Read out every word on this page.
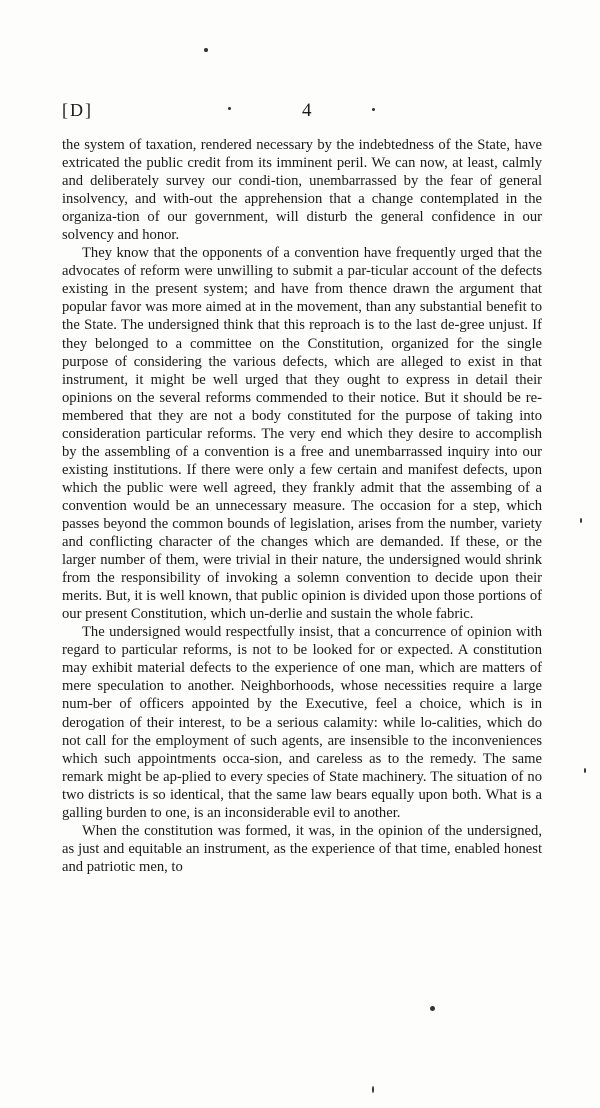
[D]	4

the system of taxation, rendered necessary by the indebtedness of the State, have extricated the public credit from its imminent peril. We can now, at least, calmly and deliberately survey our condi-tion, unembarrassed by the fear of general insolvency, and with-out the apprehension that a change contemplated in the organiza-tion of our government, will disturb the general confidence in our solvency and honor.

They know that the opponents of a convention have frequently urged that the advocates of reform were unwilling to submit a par-ticular account of the defects existing in the present system; and have from thence drawn the argument that popular favor was more aimed at in the movement, than any substantial benefit to the State. The undersigned think that this reproach is to the last de-gree unjust. If they belonged to a committee on the Constitution, organized for the single purpose of considering the various defects, which are alleged to exist in that instrument, it might be well urged that they ought to express in detail their opinions on the several reforms commended to their notice. But it should be re-membered that they are not a body constituted for the purpose of taking into consideration particular reforms. The very end which they desire to accomplish by the assembling of a convention is a free and unembarrassed inquiry into our existing institutions. If there were only a few certain and manifest defects, upon which the public were well agreed, they frankly admit that the assembing of a convention would be an unnecessary measure. The occasion for a step, which passes beyond the common bounds of legislation, arises from the number, variety and conflicting character of the changes which are demanded. If these, or the larger number of them, were trivial in their nature, the undersigned would shrink from the responsibility of invoking a solemn convention to decide upon their merits. But, it is well known, that public opinion is divided upon those portions of our present Constitution, which un-derlie and sustain the whole fabric.

The undersigned would respectfully insist, that a concurrence of opinion with regard to particular reforms, is not to be looked for or expected. A constitution may exhibit material defects to the experience of one man, which are matters of mere speculation to another. Neighborhoods, whose necessities require a large num-ber of officers appointed by the Executive, feel a choice, which is in derogation of their interest, to be a serious calamity: while lo-calities, which do not call for the employment of such agents, are insensible to the inconveniences which such appointments occa-sion, and careless as to the remedy. The same remark might be ap-plied to every species of State machinery. The situation of no two districts is so identical, that the same law bears equally upon both. What is a galling burden to one, is an inconsiderable evil to another.

When the constitution was formed, it was, in the opinion of the undersigned, as just and equitable an instrument, as the experience of that time, enabled honest and patriotic men, to
